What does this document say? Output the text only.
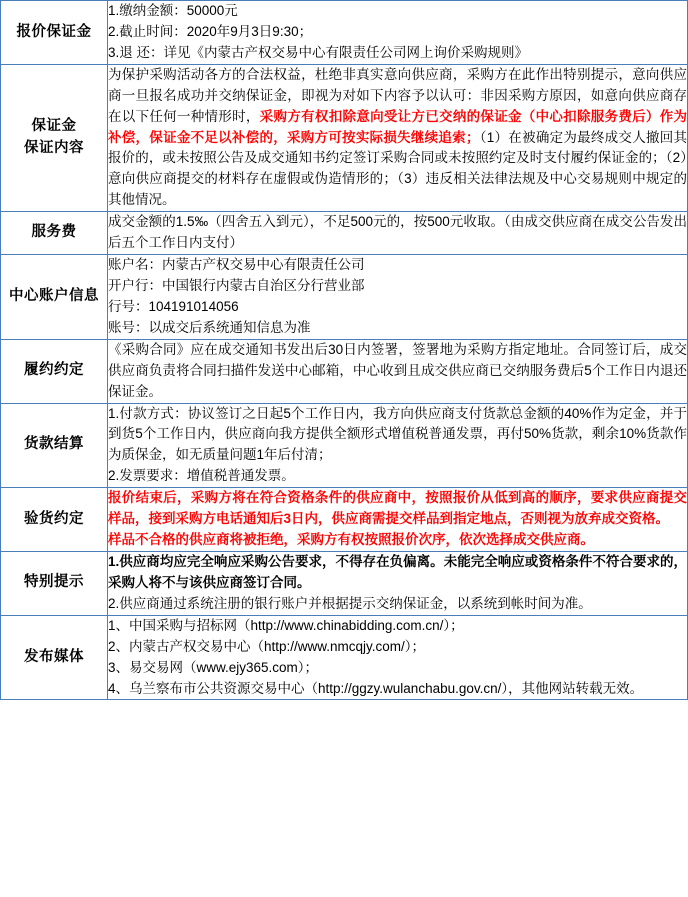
报价保证金	1.缴纳金额：50000元
2.截止时间：2020年9月3日9:30；
3.退 还：详见《内蒙古产权交易中心有限责任公司网上询价采购规则》

保证金
保证内容	为保护采购活动各方的合法权益，杜绝非真实意向供应商，采购方在此作出特别提示，意向供应商一旦报名成功并交纳保证金，即视为对如下内容予以认可：非因采购方原因，如意向供应商存在以下任何一种情形时，采购方有权扣除意向受让方已交纳的保证金（中心扣除服务费后）作为补偿，保证金不足以补偿的，采购方可按实际损失继续追索；（1）在被确定为最终成交人撤回其报价的，或未按照公告及成交通知书约定签订采购合同或未按照约定及时支付履约保证金的；（2）意向供应商提交的材料存在虚假或伪造情形的；（3）违反相关法律法规及中心交易规则中规定的其他情况。
服务费	成交金额的1.5‰（四舍五入到元），不足500元的，按500元收取。（由成交供应商在成交公告发出后五个工作日内支付）

中心账户信息	账户名：内蒙古产权交易中心有限责任公司
开户行：中国银行内蒙古自治区分行营业部
行号：104191014056
账号：以成交后系统通知信息为准

履约约定	《采购合同》应在成交通知书发出后30日内签署，签署地为采购方指定地址。合同签订后，成交供应商负责将合同扫描件发送中心邮箱，中心收到且成交供应商已交纳服务费后5个工作日内退还保证金。

货款结算	1.付款方式：协议签订之日起5个工作日内，我方向供应商支付货款总金额的40%作为定金，并于到货5个工作日内，供应商向我方提供全额形式增值税普通发票，再付50%货款，剩余10%货款作为质保金，如无质量问题1年后付清；
2.发票要求：增值税普通发票。

验货约定	报价结束后，采购方将在符合资格条件的供应商中，按照报价从低到高的顺序，要求供应商提交样品，接到采购方电话通知后3日内，供应商需提交样品到指定地点，否则视为放弃成交资格。
样品不合格的供应商将被拒绝，采购方有权按照报价次序，依次选择成交供应商。

特别提示	1.供应商均应完全响应采购公告要求，不得存在负偏离。未能完全响应或资格条件不符合要求的，采购人将不与该供应商签订合同。
2.供应商通过系统注册的银行账户并根据提示交纳保证金，以系统到帐时间为准。

发布媒体	1、中国采购与招标网（http://www.chinabidding.com.cn/）；
2、内蒙古产权交易中心（http://www.nmcqjy.com/）；
3、易交易网（www.ejy365.com）；
4、乌兰察布市公共资源交易中心（http://ggzy.wulanchabu.gov.cn/），其他网站转载无效。
